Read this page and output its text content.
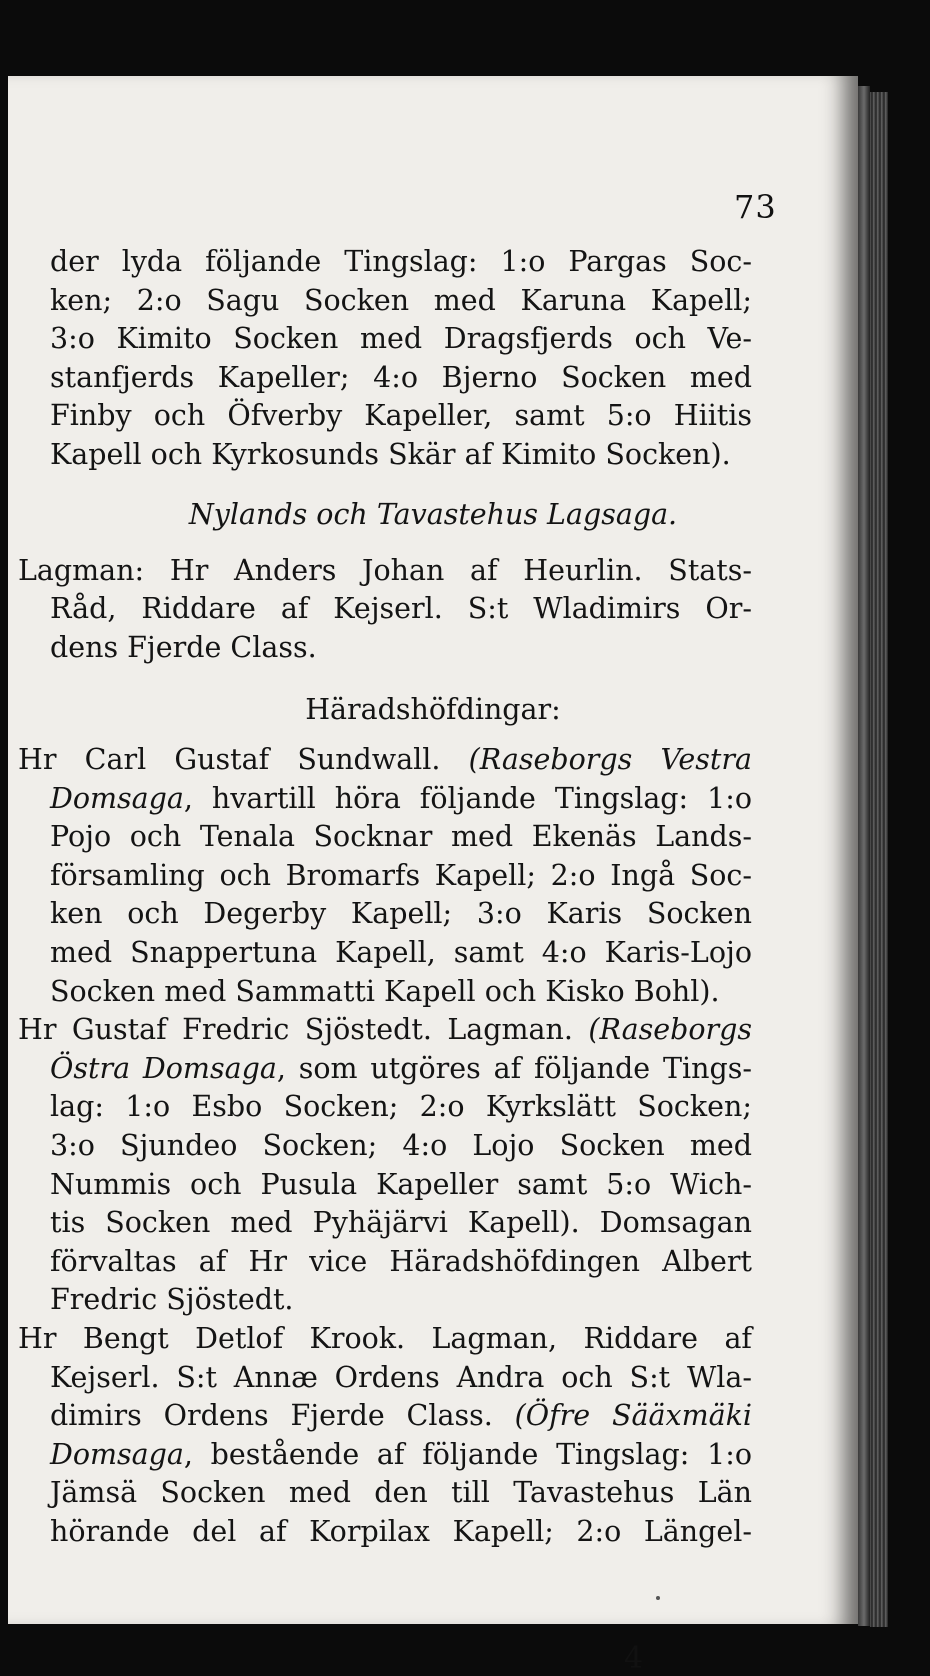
73
der lyda följande Tingslag: 1:o Pargas Soc-
ken; 2:o Sagu Socken med Karuna Kapell;
3:o Kimito Socken med Dragsfjerds och Ve-
stanfjerds Kapeller; 4:o Bjerno Socken med
Finby och Öfverby Kapeller, samt 5:o Hiitis
Kapell och Kyrkosunds Skär af Kimito Socken).
Nylands och Tavastehus Lagsaga.
Lagman: Hr Anders Johan af Heurlin. Stats-
Råd, Riddare af Kejserl. S:t Wladimirs Or-
dens Fjerde Class.
Häradshöfdingar:
Hr Carl Gustaf Sundwall. (Raseborgs Vestra
Domsaga, hvartill höra följande Tingslag: 1:o
Pojo och Tenala Socknar med Ekenäs Lands-
församling och Bromarfs Kapell; 2:o Ingå Soc-
ken och Degerby Kapell; 3:o Karis Socken
med Snappertuna Kapell, samt 4:o Karis-Lojo
Socken med Sammatti Kapell och Kisko Bohl).
Hr Gustaf Fredric Sjöstedt. Lagman. (Raseborgs
Östra Domsaga, som utgöres af följande Tings-
lag: 1:o Esbo Socken; 2:o Kyrkslätt Socken;
3:o Sjundeo Socken; 4:o Lojo Socken med
Nummis och Pusula Kapeller samt 5:o Wich-
tis Socken med Pyhäjärvi Kapell). Domsagan
förvaltas af Hr vice Häradshöfdingen Albert
Fredric Sjöstedt.
Hr Bengt Detlof Krook. Lagman, Riddare af
Kejserl. S:t Annæ Ordens Andra och S:t Wla-
dimirs Ordens Fjerde Class. (Öfre Sääxmäki
Domsaga, bestående af följande Tingslag: 1:o
Jämsä Socken med den till Tavastehus Län
hörande del af Korpilax Kapell; 2:o Längel-
4
